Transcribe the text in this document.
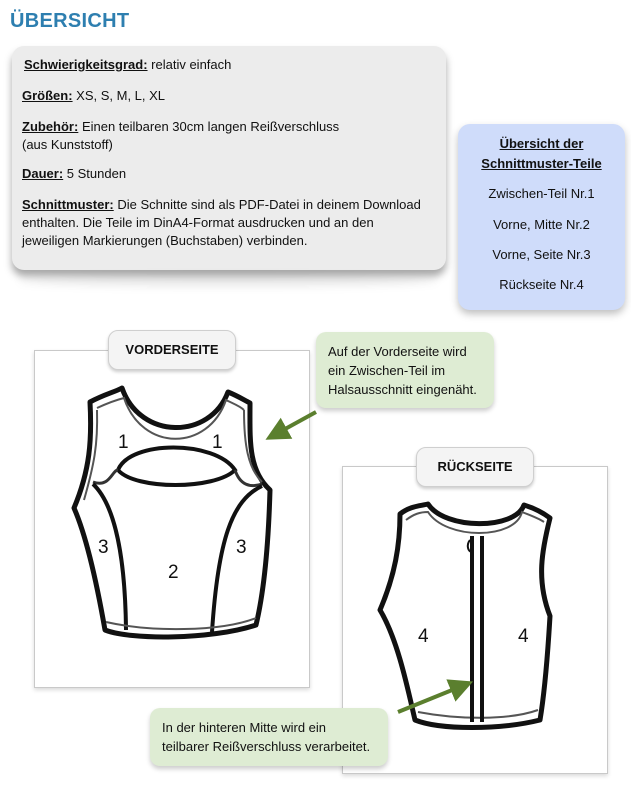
ÜBERSICHT
Schwierigkeitsgrad: relativ einfach
Größen: XS, S, M, L, XL
Zubehör: Einen teilbaren 30cm langen Reißverschluss
(aus Kunststoff)
Dauer: 5 Stunden
Schnittmuster: Die Schnitte sind als PDF-Datei in deinem Download
enthalten. Die Teile im DinA4-Format ausdrucken und an den
jeweiligen Markierungen (Buchstaben) verbinden.
Übersicht der
Schnittmuster-Teile
Zwischen-Teil Nr.1
Vorne, Mitte Nr.2
Vorne, Seite Nr.3
Rückseite Nr.4
VORDERSEITE
1	1
3
2
3
Auf der Vorderseite wird
ein Zwischen-Teil im
Halsausschnitt eingenäht.
RÜCKSEITE
4	4
In der hinteren Mitte wird ein
teilbarer Reißverschluss verarbeitet.
